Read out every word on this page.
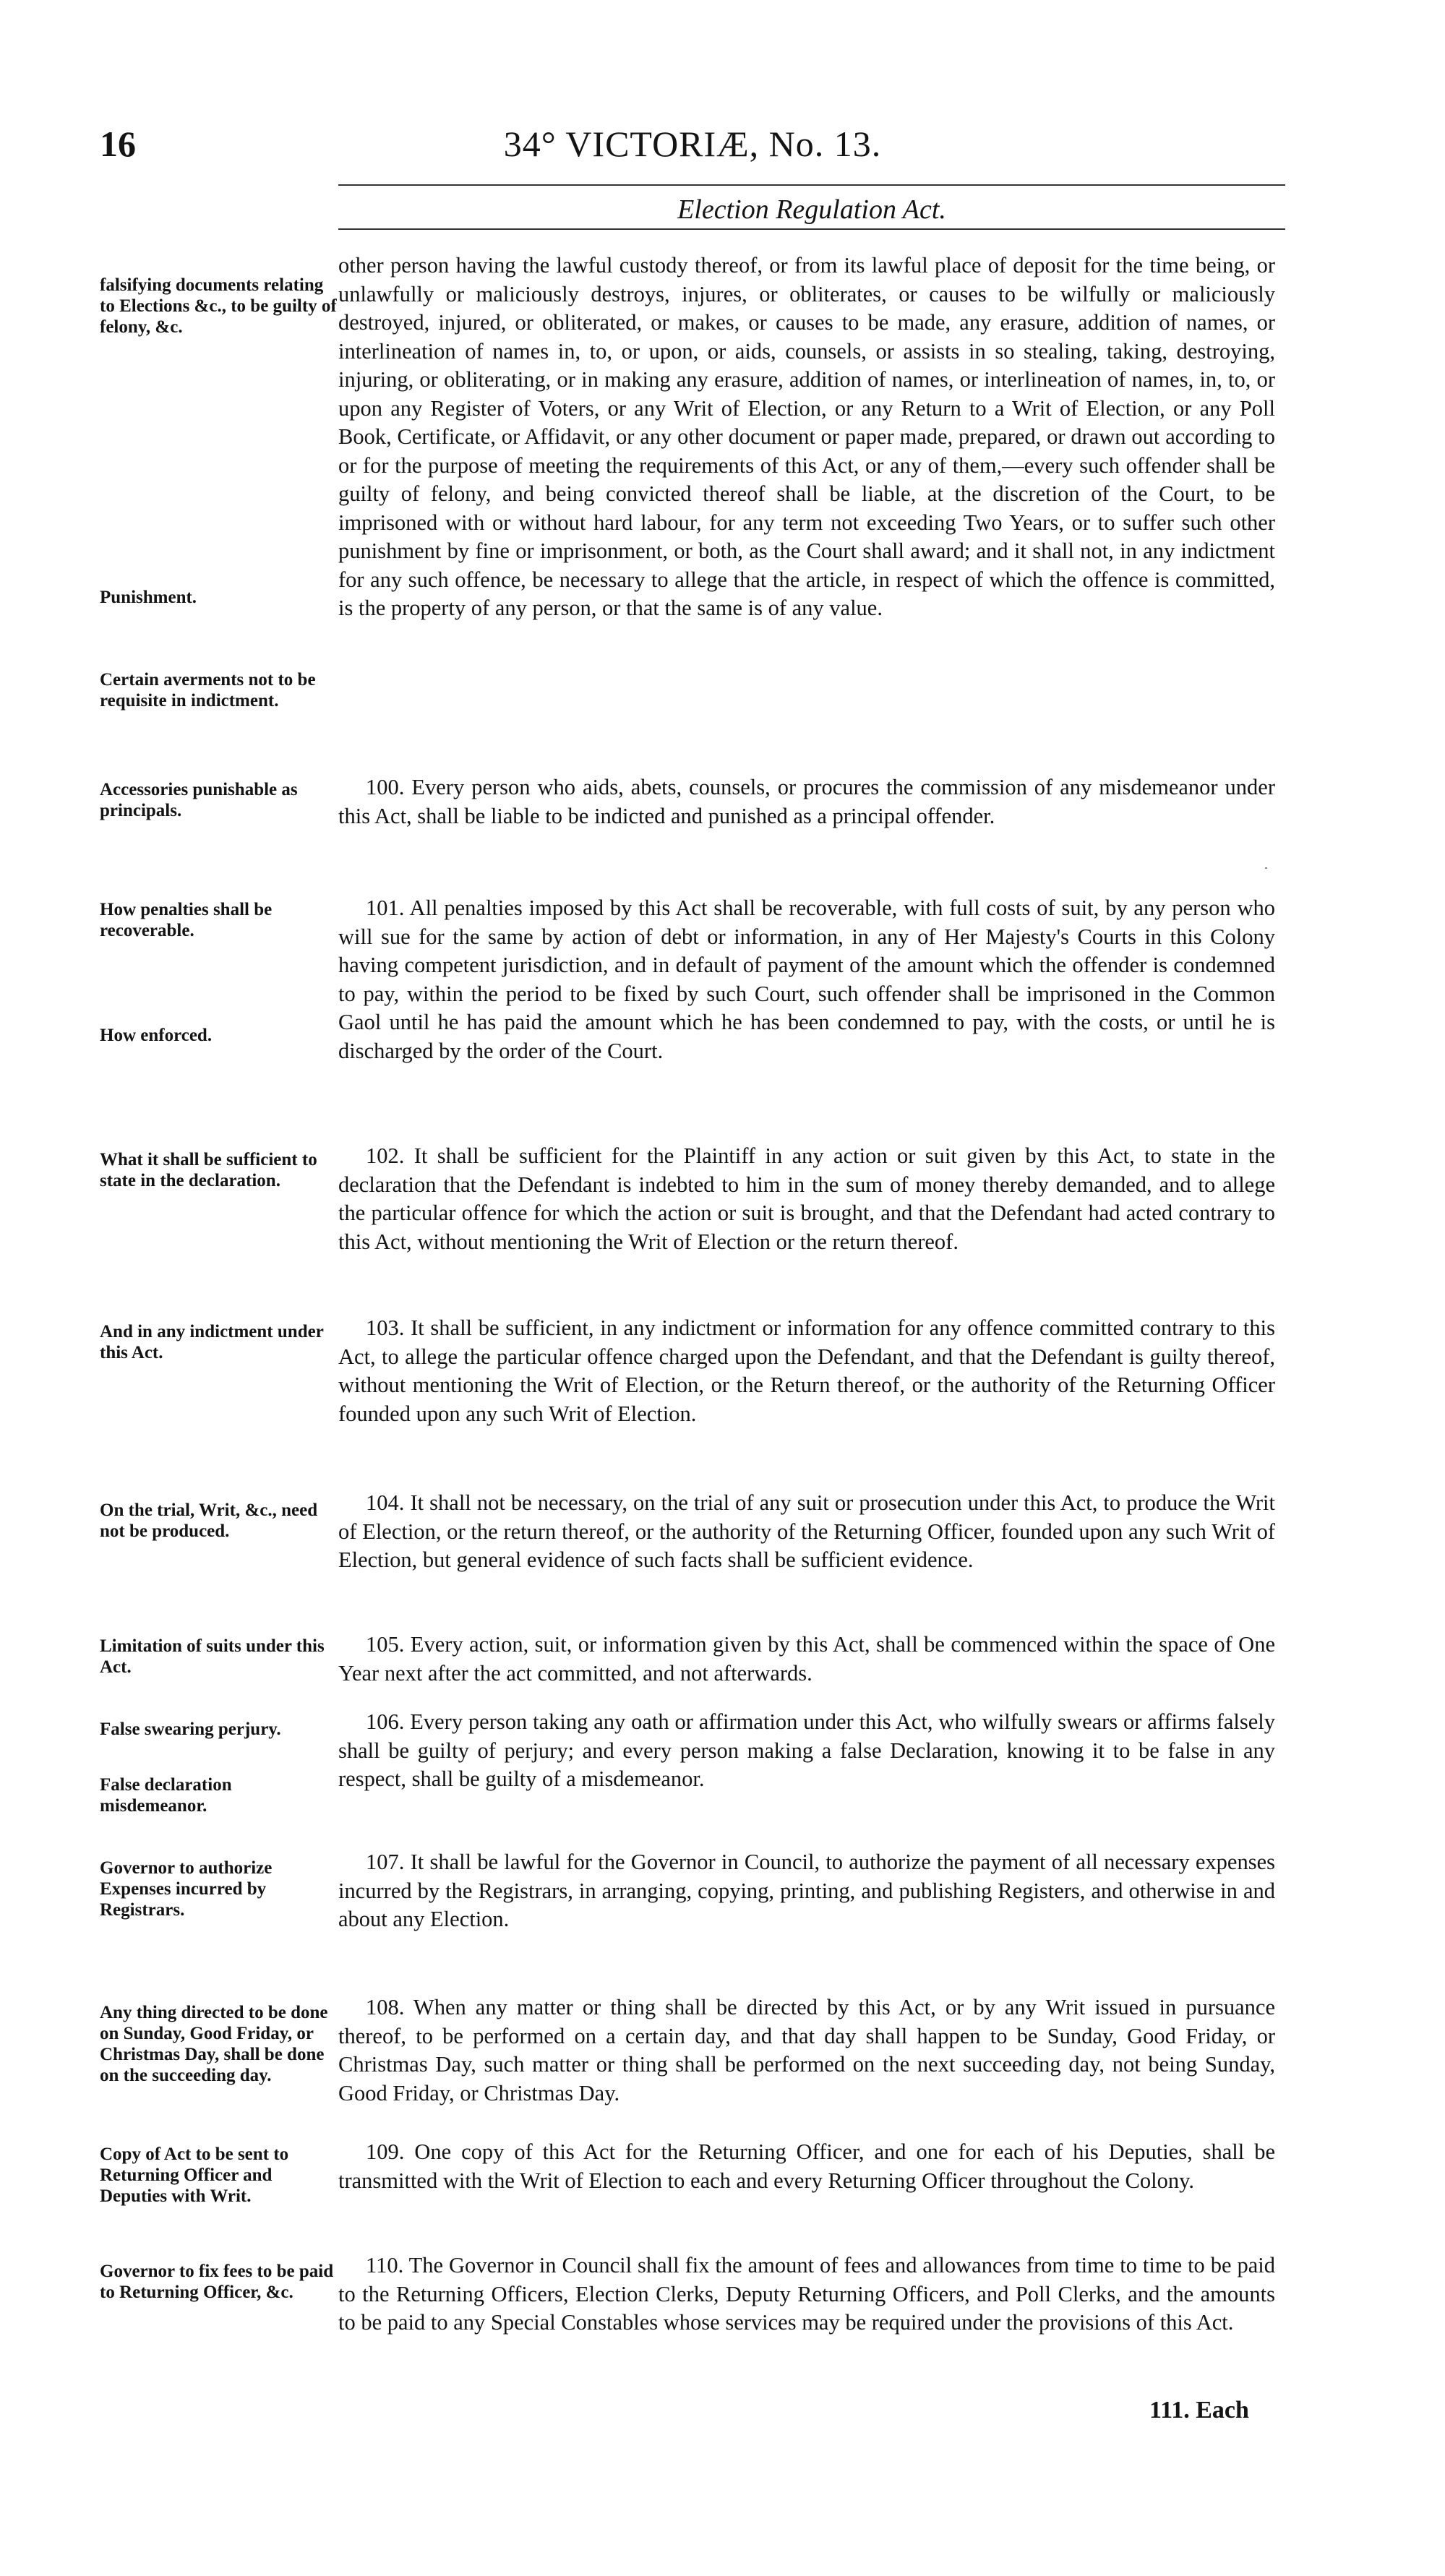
16	34° VICTORIÆ, No. 13.
Election Regulation Act.

other person having the lawful custody thereof, or from its lawful place of deposit for the time being, or unlawfully or maliciously destroys, injures, or obliterates, or causes to be wilfully or maliciously destroyed, injured, or obliterated, or makes, or causes to be made, any erasure, addition of names, or interlineation of names in, to, or upon, or aids, counsels, or assists in so stealing, taking, destroying, injuring, or obliterating, or in making any erasure, addition of names, or interlineation of names, in, to, or upon any Register of Voters, or any Writ of Election, or any Return to a Writ of Election, or any Poll Book, Certificate, or Affidavit, or any other document or paper made, prepared, or drawn out according to or for the purpose of meeting the requirements of this Act, or any of them,—every such offender shall be guilty of felony, and being convicted thereof shall be liable, at the discretion of the Court, to be imprisoned with or without hard labour, for any term not exceeding Two Years, or to suffer such other punishment by fine or imprisonment, or both, as the Court shall award; and it shall not, in any indictment for any such offence, be necessary to allege that the article, in respect of which the offence is committed, is the property of any person, or that the same is of any value.

100. Every person who aids, abets, counsels, or procures the commission of any misdemeanor under this Act, shall be liable to be indicted and punished as a principal offender.

101. All penalties imposed by this Act shall be recoverable, with full costs of suit, by any person who will sue for the same by action of debt or information, in any of Her Majesty's Courts in this Colony having competent jurisdiction, and in default of payment of the amount which the offender is condemned to pay, within the period to be fixed by such Court, such offender shall be imprisoned in the Common Gaol until he has paid the amount which he has been condemned to pay, with the costs, or until he is discharged by the order of the Court.

102. It shall be sufficient for the Plaintiff in any action or suit given by this Act, to state in the declaration that the Defendant is indebted to him in the sum of money thereby demanded, and to allege the particular offence for which the action or suit is brought, and that the Defendant had acted contrary to this Act, without mentioning the Writ of Election or the return thereof.

103. It shall be sufficient, in any indictment or information for any offence committed contrary to this Act, to allege the particular offence charged upon the Defendant, and that the Defendant is guilty thereof, without mentioning the Writ of Election, or the Return thereof, or the authority of the Returning Officer founded upon any such Writ of Election.

104. It shall not be necessary, on the trial of any suit or prosecution under this Act, to produce the Writ of Election, or the return thereof, or the authority of the Returning Officer, founded upon any such Writ of Election, but general evidence of such facts shall be sufficient evidence.

105. Every action, suit, or information given by this Act, shall be commenced within the space of One Year next after the act committed, and not afterwards.

106. Every person taking any oath or affirmation under this Act, who wilfully swears or affirms falsely shall be guilty of perjury; and every person making a false Declaration, knowing it to be false in any respect, shall be guilty of a misdemeanor.

107. It shall be lawful for the Governor in Council, to authorize the payment of all necessary expenses incurred by the Registrars, in arranging, copying, printing, and publishing Registers, and otherwise in and about any Election.

108. When any matter or thing shall be directed by this Act, or by any Writ issued in pursuance thereof, to be performed on a certain day, and that day shall happen to be Sunday, Good Friday, or Christmas Day, such matter or thing shall be performed on the next succeeding day, not being Sunday, Good Friday, or Christmas Day.

109. One copy of this Act for the Returning Officer, and one for each of his Deputies, shall be transmitted with the Writ of Election to each and every Returning Officer throughout the Colony.

110. The Governor in Council shall fix the amount of fees and allowances from time to time to be paid to the Returning Officers, Election Clerks, Deputy Returning Officers, and Poll Clerks, and the amounts to be paid to any Special Constables whose services may be required under the provisions of this Act.

falsifying documents relating to Elections &c., to be guilty of felony, &c.
Punishment.
Certain averments not to be requisite in indictment.
Accessories punishable as principals.
How penalties shall be recoverable.
How enforced.
What it shall be sufficient to state in the declaration.
And in any indictment under this Act.
On the trial, Writ, &c., need not be produced.
Limitation of suits under this Act.
False swearing perjury.
False declaration misdemeanor.
Governor to authorize Expenses incurred by Registrars.
Any thing directed to be done on Sunday, Good Friday, or Christmas Day, shall be done on the succeeding day.
Copy of Act to be sent to Returning Officer and Deputies with Writ.
Governor to fix fees to be paid to Returning Officer, &c.
111. Each
